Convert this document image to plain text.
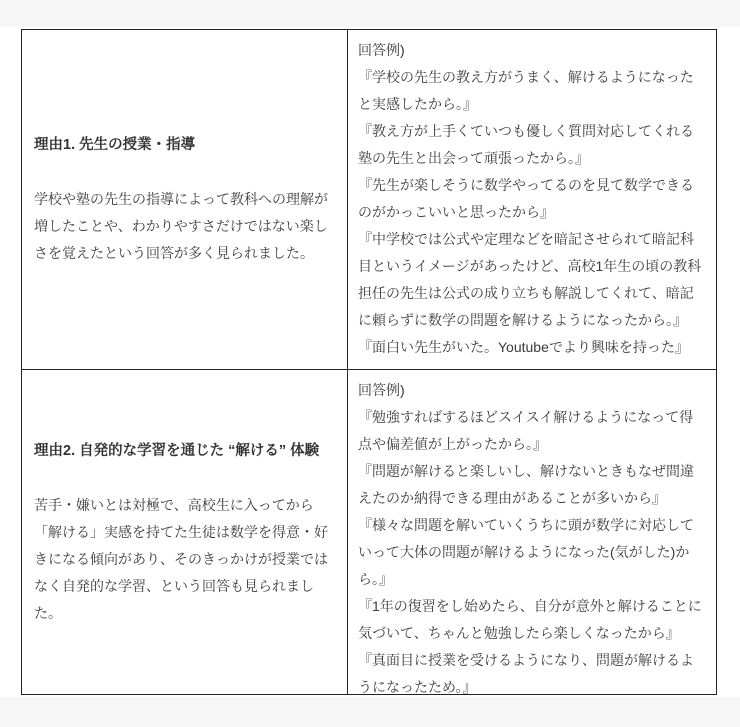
理由1. 先生の授業・指導

学校や塾の先生の指導によって教科への理解が増したことや、わかりやすさだけではない楽しさを覚えたという回答が多く見られました。

回答例)

『学校の先生の教え方がうまく、解けるようになったと実感したから。』

『教え方が上手くていつも優しく質問対応してくれる塾の先生と出会って頑張ったから。』

『先生が楽しそうに数学やってるのを見て数学できるのがかっこいいと思ったから』

『中学校では公式や定理などを暗記させられて暗記科目というイメージがあったけど、高校1年生の頃の教科担任の先生は公式の成り立ちも解説してくれて、暗記に頼らずに数学の問題を解けるようになったから。』

『面白い先生がいた。Youtubeでより興味を持った』

理由2. 自発的な学習を通じた “解ける” 体験

苦手・嫌いとは対極で、高校生に入ってから「解ける」実感を持てた生徒は数学を得意・好きになる傾向があり、そのきっかけが授業ではなく自発的な学習、という回答も見られました。

回答例)

『勉強すればするほどスイスイ解けるようになって得点や偏差値が上がったから。』

『問題が解けると楽しいし、解けないときもなぜ間違えたのか納得できる理由があることが多いから』

『様々な問題を解いていくうちに頭が数学に対応していって大体の問題が解けるようになった(気がした)から。』

『1年の復習をし始めたら、自分が意外と解けることに気づいて、ちゃんと勉強したら楽しくなったから』

『真面目に授業を受けるようになり、問題が解けるようになったため。』
